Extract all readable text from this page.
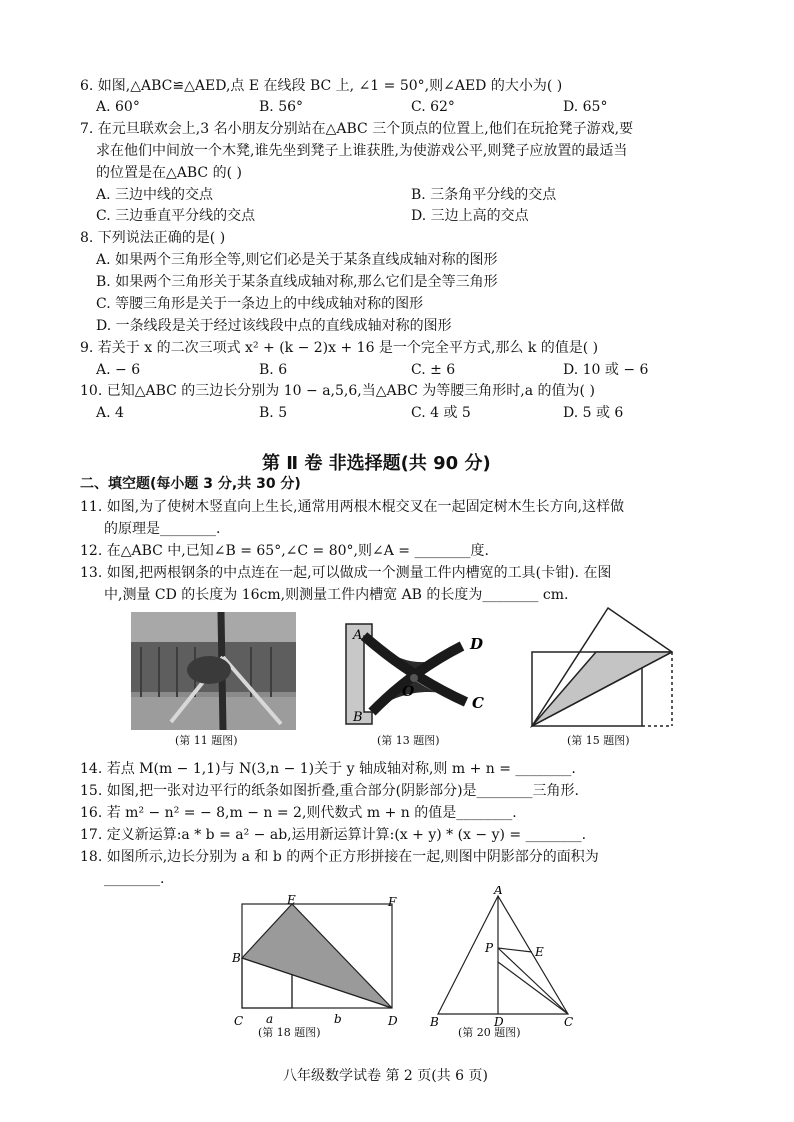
6. 如图,△ABC≌△AED,点 E 在线段 BC 上, ∠1 = 50°,则∠AED 的大小为( )
A. 60°	B. 56°	C. 62°	D. 65°
7. 在元旦联欢会上,3 名小朋友分别站在△ABC 三个顶点的位置上,他们在玩抢凳子游戏,要
求在他们中间放一个木凳,谁先坐到凳子上谁获胜,为使游戏公平,则凳子应放置的最适当
的位置是在△ABC 的( )
A. 三边中线的交点	B. 三条角平分线的交点
C. 三边垂直平分线的交点	D. 三边上高的交点
8. 下列说法正确的是( )
A. 如果两个三角形全等,则它们必是关于某条直线成轴对称的图形
B. 如果两个三角形关于某条直线成轴对称,那么它们是全等三角形
C. 等腰三角形是关于一条边上的中线成轴对称的图形
D. 一条线段是关于经过该线段中点的直线成轴对称的图形
9. 若关于 x 的二次三项式 x² + (k − 2)x + 16 是一个完全平方式,那么 k 的值是( )
A. − 6	B. 6	C. ± 6	D. 10 或 − 6
10. 已知△ABC 的三边长分别为 10 − a,5,6,当△ABC 为等腰三角形时,a 的值为( )
A. 4	B. 5	C. 4 或 5	D. 5 或 6
第 Ⅱ 卷 非选择题(共 90 分)
二、填空题(每小题 3 分,共 30 分)
11. 如图,为了使树木竖直向上生长,通常用两根木棍交叉在一起固定树木生长方向,这样做
的原理是________.
12. 在△ABC 中,已知∠B = 65°,∠C = 80°,则∠A = ________度.
13. 如图,把两根钢条的中点连在一起,可以做成一个测量工件内槽宽的工具(卡钳). 在图
中,测量 CD 的长度为 16cm,则测量工件内槽宽 AB 的长度为________ cm.
(第 11 题图)
A
B
D
C
O
(第 13 题图)	(第 15 题图)
14. 若点 M(m − 1,1)与 N(3,n − 1)关于 y 轴成轴对称,则 m + n = ________.
15. 如图,把一张对边平行的纸条如图折叠,重合部分(阴影部分)是________三角形.
16. 若 m² − n² = − 8,m − n = 2,则代数式 m + n 的值是________.
17. 定义新运算:a * b = a² − ab,运用新运算计算:(x + y) * (x − y) = ________.
18. 如图所示,边长分别为 a 和 b 的两个正方形拼接在一起,则图中阴影部分的面积为
________.
E	F
B
C	D
a	b
(第 18 题图)
A
P	E
B	D	C
(第 20 题图)
八年级数学试卷 第 2 页(共 6 页)
